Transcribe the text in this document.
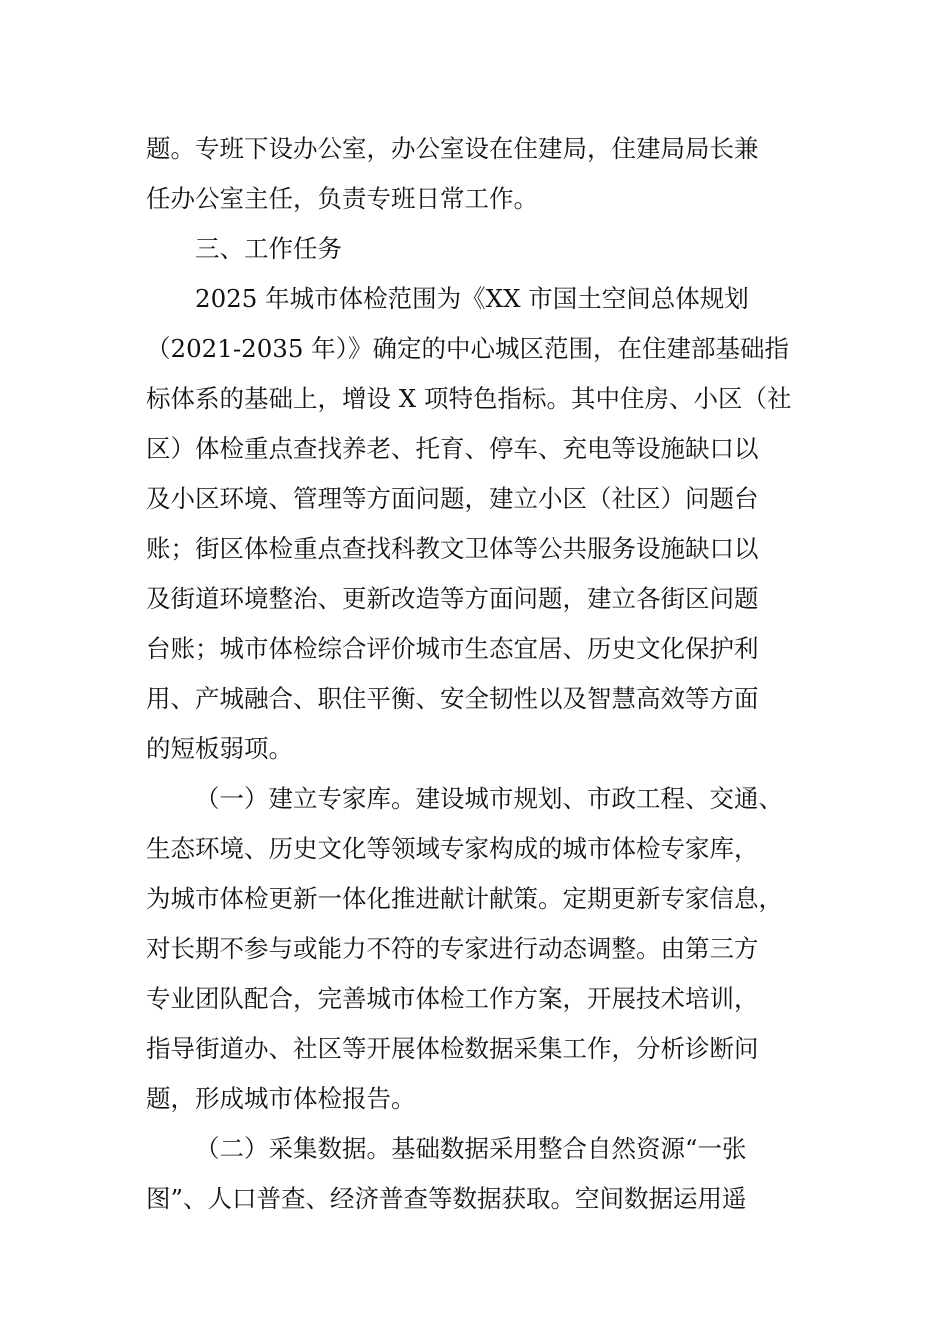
题。专班下设办公室，办公室设在住建局，住建局局长兼
任办公室主任，负责专班日常工作。
三、工作任务
2025 年城市体检范围为《XX 市国土空间总体规划
（2021-2035 年）》确定的中心城区范围，在住建部基础指
标体系的基础上，增设 X 项特色指标。其中住房、小区（社
区）体检重点查找养老、托育、停车、充电等设施缺口以
及小区环境、管理等方面问题，建立小区（社区）问题台
账；街区体检重点查找科教文卫体等公共服务设施缺口以
及街道环境整治、更新改造等方面问题，建立各街区问题
台账；城市体检综合评价城市生态宜居、历史文化保护利
用、产城融合、职住平衡、安全韧性以及智慧高效等方面
的短板弱项。
（一）建立专家库。建设城市规划、市政工程、交通、
生态环境、历史文化等领域专家构成的城市体检专家库，
为城市体检更新一体化推进献计献策。定期更新专家信息，
对长期不参与或能力不符的专家进行动态调整。由第三方
专业团队配合，完善城市体检工作方案，开展技术培训，
指导街道办、社区等开展体检数据采集工作，分析诊断问
题，形成城市体检报告。
（二）采集数据。基础数据采用整合自然资源“一张
图”、人口普查、经济普查等数据获取。空间数据运用遥
